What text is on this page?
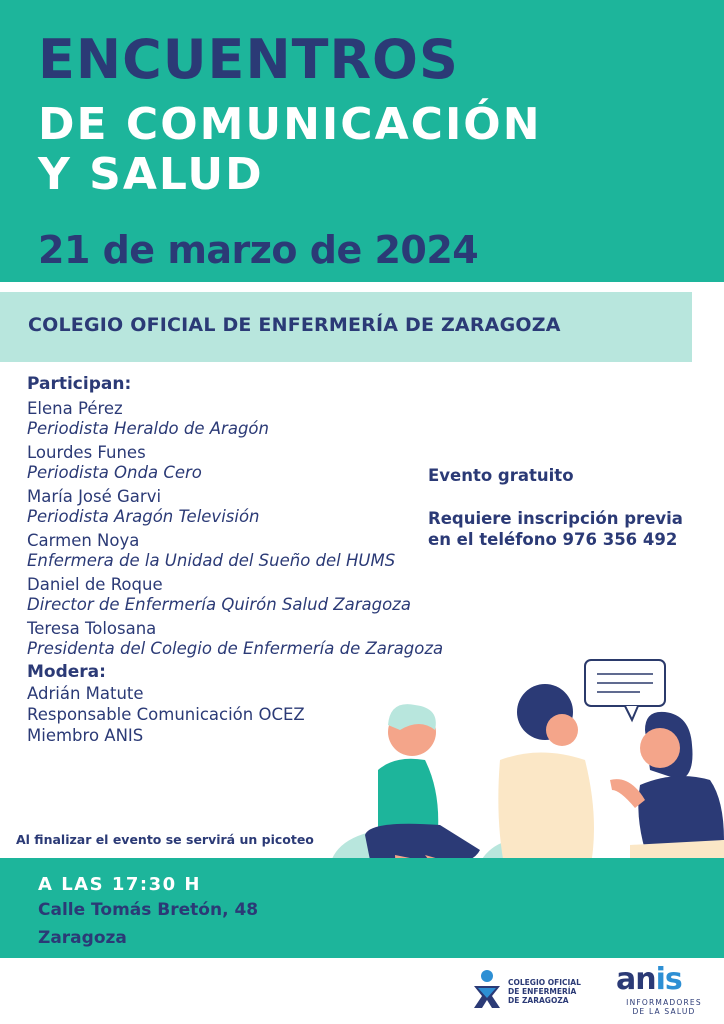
ENCUENTROS
DE COMUNICACIÓN
Y SALUD
21 de marzo de 2024
COLEGIO OFICIAL DE ENFERMERÍA DE ZARAGOZA
Participan:
Elena Pérez
Periodista Heraldo de Aragón
Lourdes Funes
Periodista Onda Cero
María José Garvi
Periodista Aragón Televisión
Carmen Noya
Enfermera de la Unidad del Sueño del HUMS
Daniel de Roque
Director de Enfermería Quirón Salud Zaragoza
Teresa Tolosana
Presidenta del Colegio de Enfermería de Zaragoza
Modera:
Adrián Matute
Responsable Comunicación OCEZ
Miembro ANIS
Evento gratuito
Requiere inscripción previa
en el teléfono 976 356 492
Al finalizar el evento se servirá un picoteo
A LAS 17:30 H
Calle Tomás Bretón, 48
Zaragoza
COLEGIO OFICIAL
DE ENFERMERÍA
DE ZARAGOZA
anis
INFORMADORES
DE LA SALUD
